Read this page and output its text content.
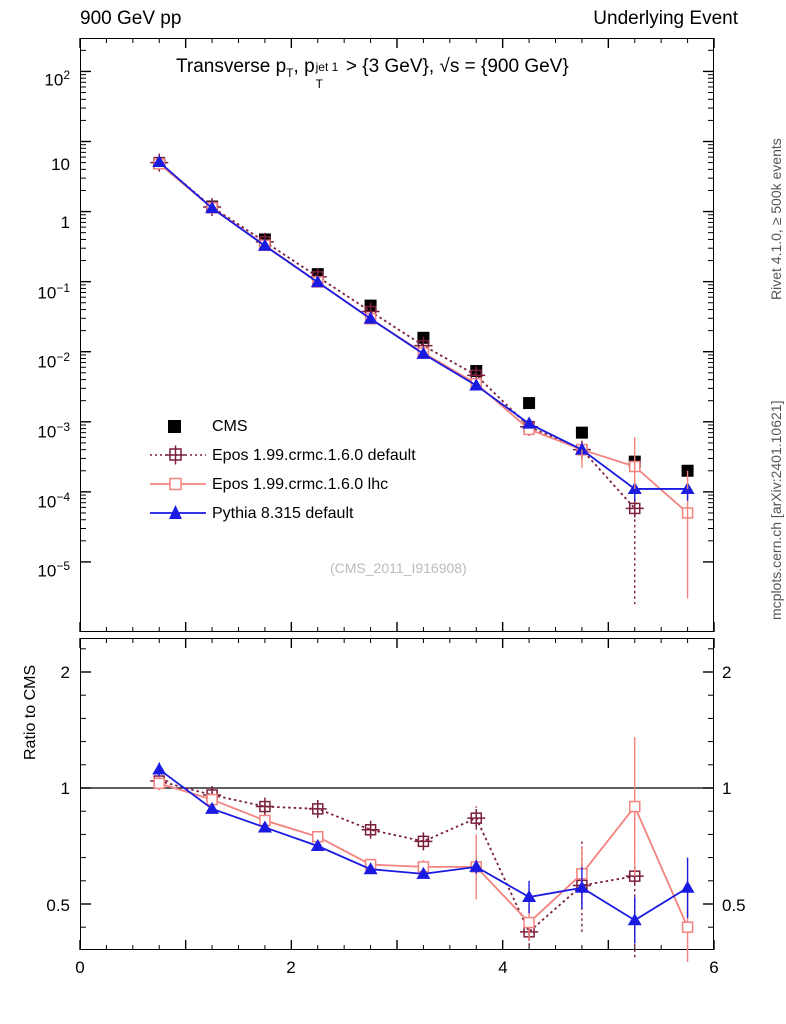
900 GeV pp	Underlying Event
Rivet 4.1.0, ≥ 500k events
mcplots.cern.ch [arXiv:2401.10621]
Transverse $p_T$, p
T
jet 1 > {3 GeV}, √s = {900 GeV}
$10^2$
10
1
$10^{-1}$
$10^{-2}$
$10^{-3}$
$10^{-4}$
$10^{-5}$
2
1
0.5
2
1
0.5
Ratio to CMS
0	2	4	6
CMS
Epos 1.99.crmc.1.6.0 default
Epos 1.99.crmc.1.6.0 lhc
Pythia 8.315 default
(CMS_2011_I916908)
